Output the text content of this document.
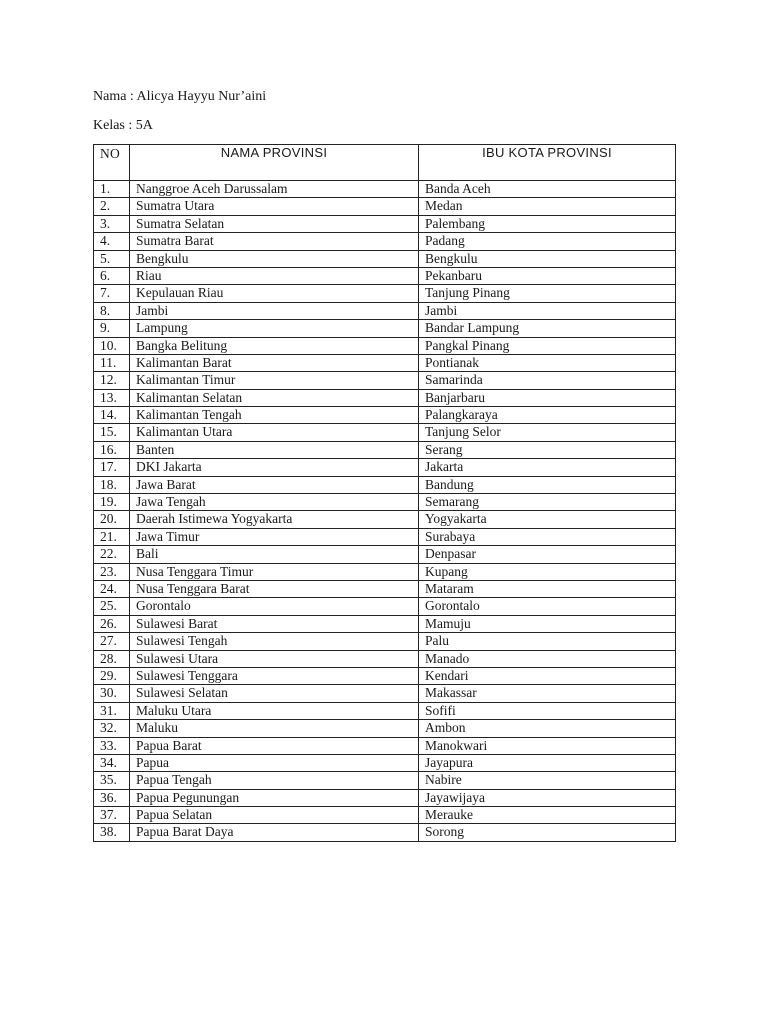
Nama : Alicya Hayyu Nur’aini
Kelas : 5A
NO	NAMA PROVINSI	IBU KOTA PROVINSI
1.	Nanggroe Aceh Darussalam	Banda Aceh
2.	Sumatra Utara	Medan
3.	Sumatra Selatan	Palembang
4.	Sumatra Barat	Padang
5.	Bengkulu	Bengkulu
6.	Riau	Pekanbaru
7.	Kepulauan Riau	Tanjung Pinang
8.	Jambi	Jambi
9.	Lampung	Bandar Lampung
10.	Bangka Belitung	Pangkal Pinang
11.	Kalimantan Barat	Pontianak
12.	Kalimantan Timur	Samarinda
13.	Kalimantan Selatan	Banjarbaru
14.	Kalimantan Tengah	Palangkaraya
15.	Kalimantan Utara	Tanjung Selor
16.	Banten	Serang
17.	DKI Jakarta	Jakarta
18.	Jawa Barat	Bandung
19.	Jawa Tengah	Semarang
20.	Daerah Istimewa Yogyakarta	Yogyakarta
21.	Jawa Timur	Surabaya
22.	Bali	Denpasar
23.	Nusa Tenggara Timur	Kupang
24.	Nusa Tenggara Barat	Mataram
25.	Gorontalo	Gorontalo
26.	Sulawesi Barat	Mamuju
27.	Sulawesi Tengah	Palu
28.	Sulawesi Utara	Manado
29.	Sulawesi Tenggara	Kendari
30.	Sulawesi Selatan	Makassar
31.	Maluku Utara	Sofifi
32.	Maluku	Ambon
33.	Papua Barat	Manokwari
34.	Papua	Jayapura
35.	Papua Tengah	Nabire
36.	Papua Pegunungan	Jayawijaya
37.	Papua Selatan	Merauke
38.	Papua Barat Daya	Sorong
